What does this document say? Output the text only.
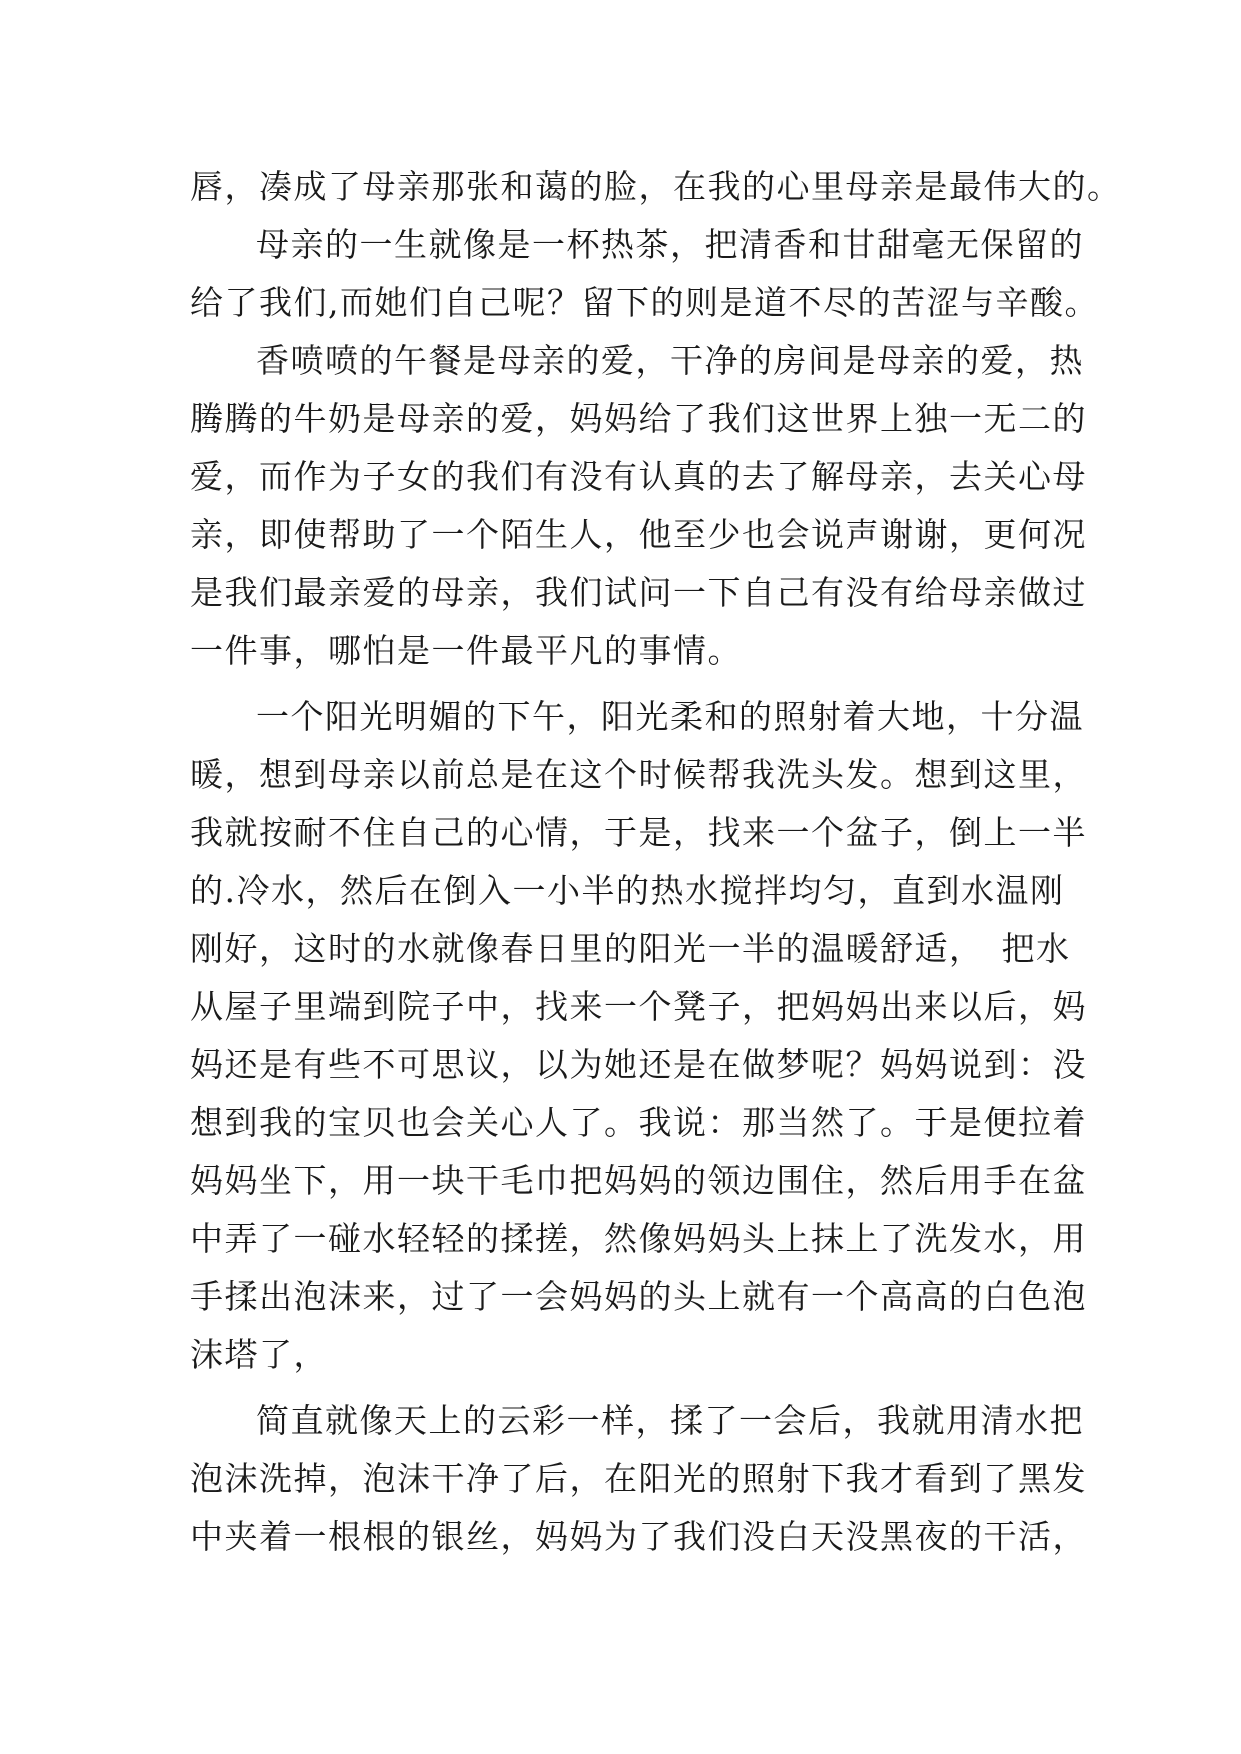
唇，凑成了母亲那张和蔼的脸，在我的心里母亲是最伟大的。
母亲的一生就像是一杯热茶，把清香和甘甜毫无保留的
给了我们,而她们自己呢？留下的则是道不尽的苦涩与辛酸。
香喷喷的午餐是母亲的爱，干净的房间是母亲的爱，热
腾腾的牛奶是母亲的爱，妈妈给了我们这世界上独一无二的
爱，而作为子女的我们有没有认真的去了解母亲，去关心母
亲，即使帮助了一个陌生人，他至少也会说声谢谢，更何况
是我们最亲爱的母亲，我们试问一下自己有没有给母亲做过
一件事，哪怕是一件最平凡的事情。
一个阳光明媚的下午，阳光柔和的照射着大地，十分温
暖，想到母亲以前总是在这个时候帮我洗头发。想到这里，
我就按耐不住自己的心情，于是，找来一个盆子，倒上一半
的.冷水，然后在倒入一小半的热水搅拌均匀，直到水温刚
刚好，这时的水就像春日里的阳光一半的温暖舒适，　把水
从屋子里端到院子中，找来一个凳子，把妈妈出来以后，妈
妈还是有些不可思议，以为她还是在做梦呢？妈妈说到：没
想到我的宝贝也会关心人了。我说：那当然了。于是便拉着
妈妈坐下，用一块干毛巾把妈妈的领边围住，然后用手在盆
中弄了一碰水轻轻的揉搓，然像妈妈头上抹上了洗发水，用
手揉出泡沫来，过了一会妈妈的头上就有一个高高的白色泡
沫塔了，
简直就像天上的云彩一样，揉了一会后，我就用清水把
泡沫洗掉，泡沫干净了后，在阳光的照射下我才看到了黑发
中夹着一根根的银丝，妈妈为了我们没白天没黑夜的干活，
